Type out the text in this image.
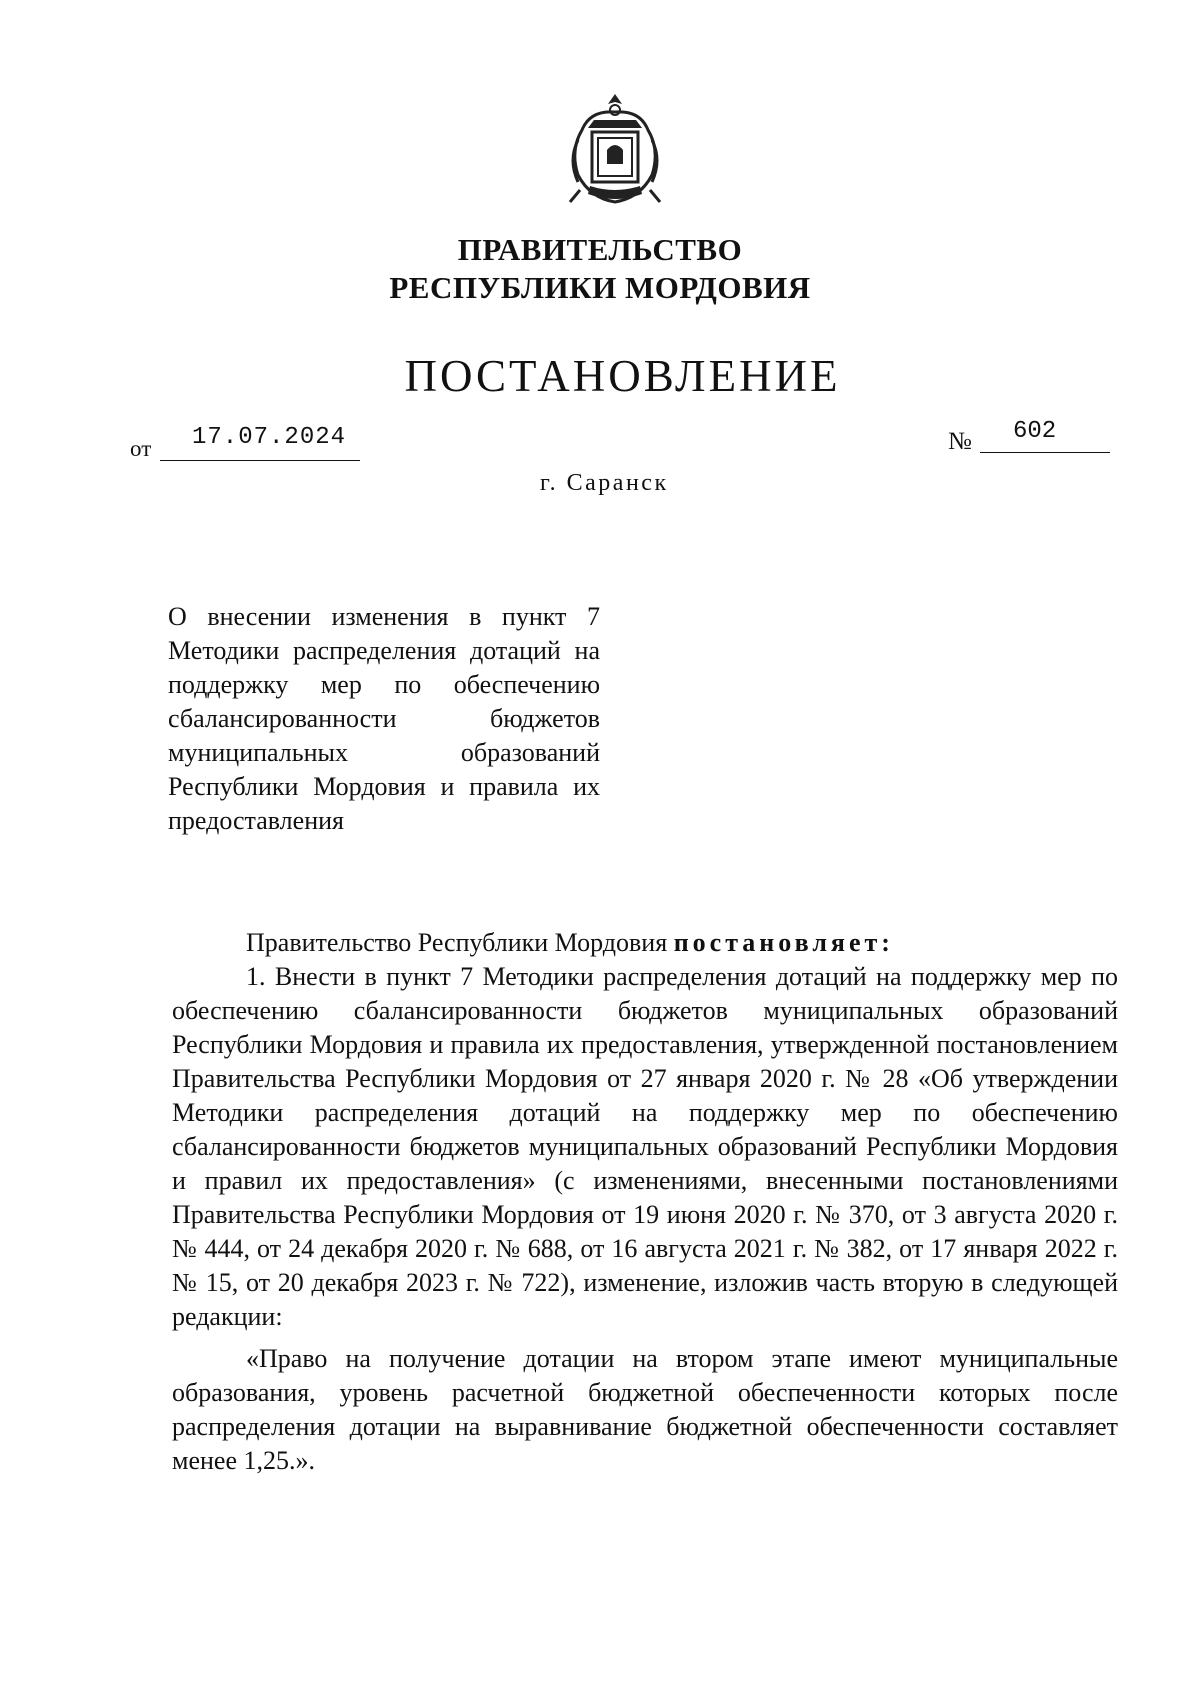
ПРАВИТЕЛЬСТВО
РЕСПУБЛИКИ МОРДОВИЯ
ПОСТАНОВЛЕНИЕ
от 17.07.2024	№ 602
г. Саранск
О внесении изменения в пункт 7 Методики распределения дотаций на поддержку мер по обеспечению сбалансированности бюджетов муниципальных образований Республики Мордовия и правила их предоставления

Правительство Республики Мордовия постановляет:

1. Внести в пункт 7 Методики распределения дотаций на поддержку мер по обеспечению сбалансированности бюджетов муниципальных образований Республики Мордовия и правила их предоставления, утвержденной постановлением Правительства Республики Мордовия от 27 января 2020 г. № 28 «Об утверждении Методики распределения дотаций на поддержку мер по обеспечению сбалансированности бюджетов муниципальных образований Республики Мордовия и правил их предоставления» (с изменениями, внесенными постановлениями Правительства Республики Мордовия от 19 июня 2020 г. № 370, от 3 августа 2020 г. № 444, от 24 декабря 2020 г. № 688, от 16 августа 2021 г. № 382, от 17 января 2022 г. № 15, от 20 декабря 2023 г. № 722), изменение, изложив часть вторую в следующей редакции:

«Право на получение дотации на втором этапе имеют муниципальные образования, уровень расчетной бюджетной обеспеченности которых после распределения дотации на выравнивание бюджетной обеспеченности составляет менее 1,25.».
